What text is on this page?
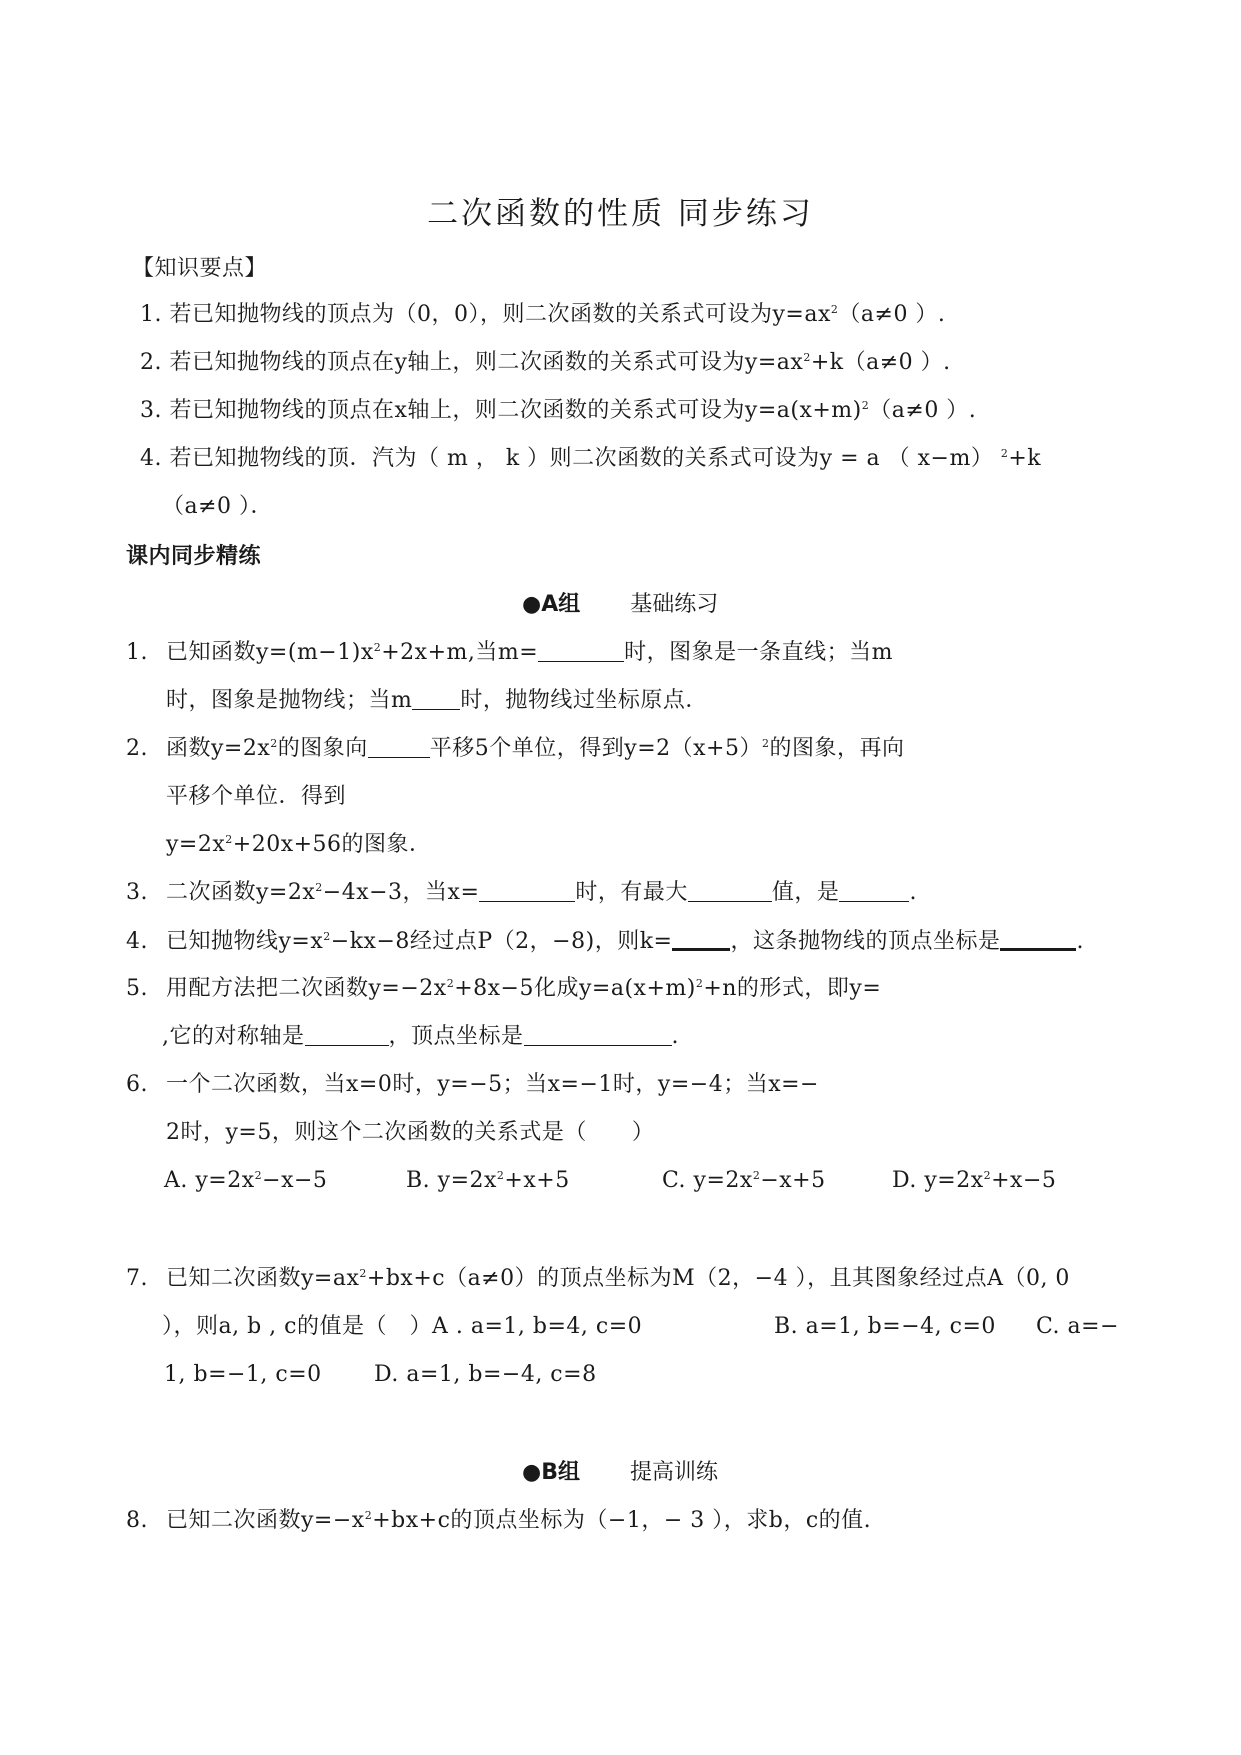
二次函数的性质 同步练习
【知识要点】
1. 若已知抛物线的顶点为（0，0），则二次函数的关系式可设为$y=ax^2(a\ne 0$ ）.
2. 若已知抛物线的顶点在y轴上，则二次函数的关系式可设为$y=ax^2+k(a\ne 0$ ）.
3. 若已知抛物线的顶点在x轴上，则二次函数的关系式可设为$y=a(x+m)^2(a\ne 0$ ）.
4. 若已知抛物线的顶．汽为（ m ， k ）则二次函数的关系式可设为y = a （ x−m） $^2$+k
（a≠0 ）．
课内同步精练
●A组 基础练习
1. 已知函数$y=(m-1)x^2+2x+m$,当m=	时，图象是一条直线；当m
时，图象是抛物线；当m 时，抛物线过坐标原点．
2. 函数$y=2x^2$的图象向	平移5个单位，得到$y=2(x+5)^2$的图象，再向
平移个单位．得到
$y=2x^2+20x+56$的图象．
3. 二次函数$y=2x^2-4x-3$，当x=	时，有最大	值，是	.
4. 已知抛物线$y=x^2-kx-8$经过点P（2，−8)，则k=	，这条抛物线的顶点坐标是	.
5. 用配方法把二次函数$y=-2x^2+8x-5$化成$y=a(x+m)^2+n$的形式，即y=
,它的对称轴是	，顶点坐标是	.
6. 一个二次函数，当x=0时，y=−5；当x=−1时，y=−4；当x=−
2时，y=5，则这个二次函数的关系式是（　　）
A. $y=2x^2-x-5$	B. $y=2x^2+x+5$	C. $y=2x^2-x+5$	D. $y=2x^2+x-5$
7. 已知二次函数$y=ax^2+bx+c(a\ne 0)$的顶点坐标为M（2，−4 ），且其图象经过点A（0, 0
），则a, b , c的值是（　）A . a=1, b=4, c=0	B. a=1, b=−4, c=0 C. a=−
1, b=−1, c=0 D. a=1, b=−4, c=8
●B组 提高训练
8. 已知二次函数$y=-x^2+bx+c$的顶点坐标为（−1，− 3 ），求b，c的值.
